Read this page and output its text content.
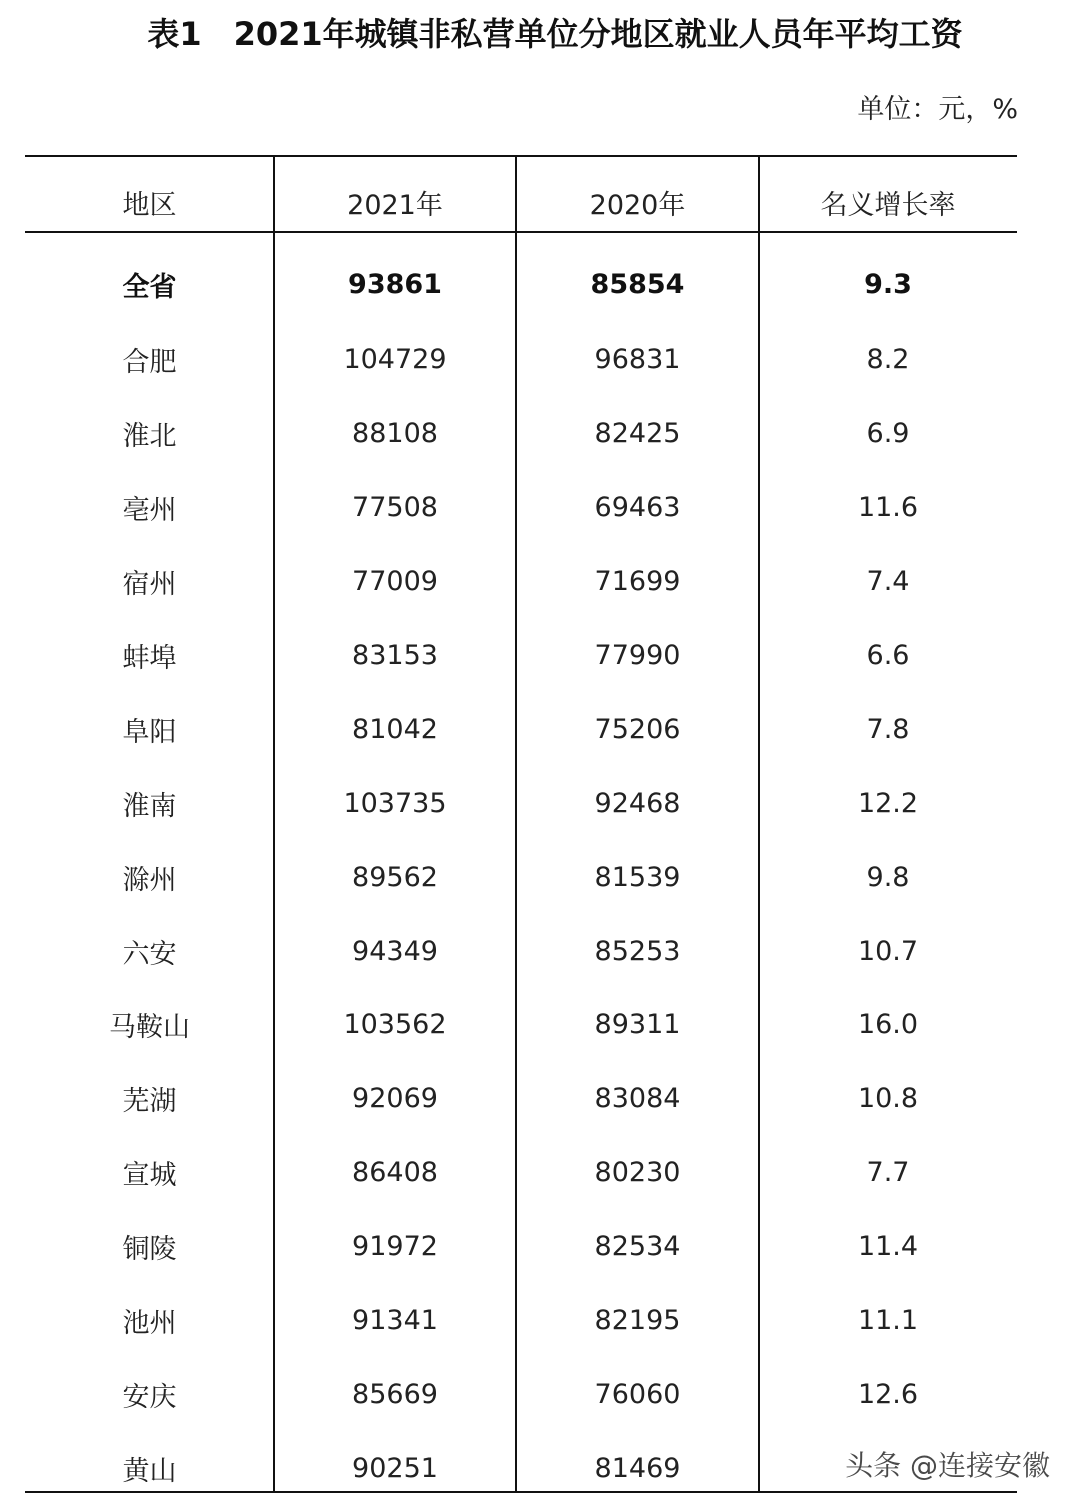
表1　2021年城镇非私营单位分地区就业人员年平均工资
单位：元，%
地区	2021年	2020年	名义增长率
全省	93861	85854	9.3
合肥	104729	96831	8.2
淮北	88108	82425	6.9
亳州	77508	69463	11.6
宿州	77009	71699	7.4
蚌埠	83153	77990	6.6
阜阳	81042	75206	7.8
淮南	103735	92468	12.2
滁州	89562	81539	9.8
六安	94349	85253	10.7
马鞍山	103562	89311	16.0
芜湖	92069	83084	10.8
宣城	86408	80230	7.7
铜陵	91972	82534	11.4
池州	91341	82195	11.1
安庆	85669	76060	12.6
黄山	90251	81469		头条 @连接安徽
